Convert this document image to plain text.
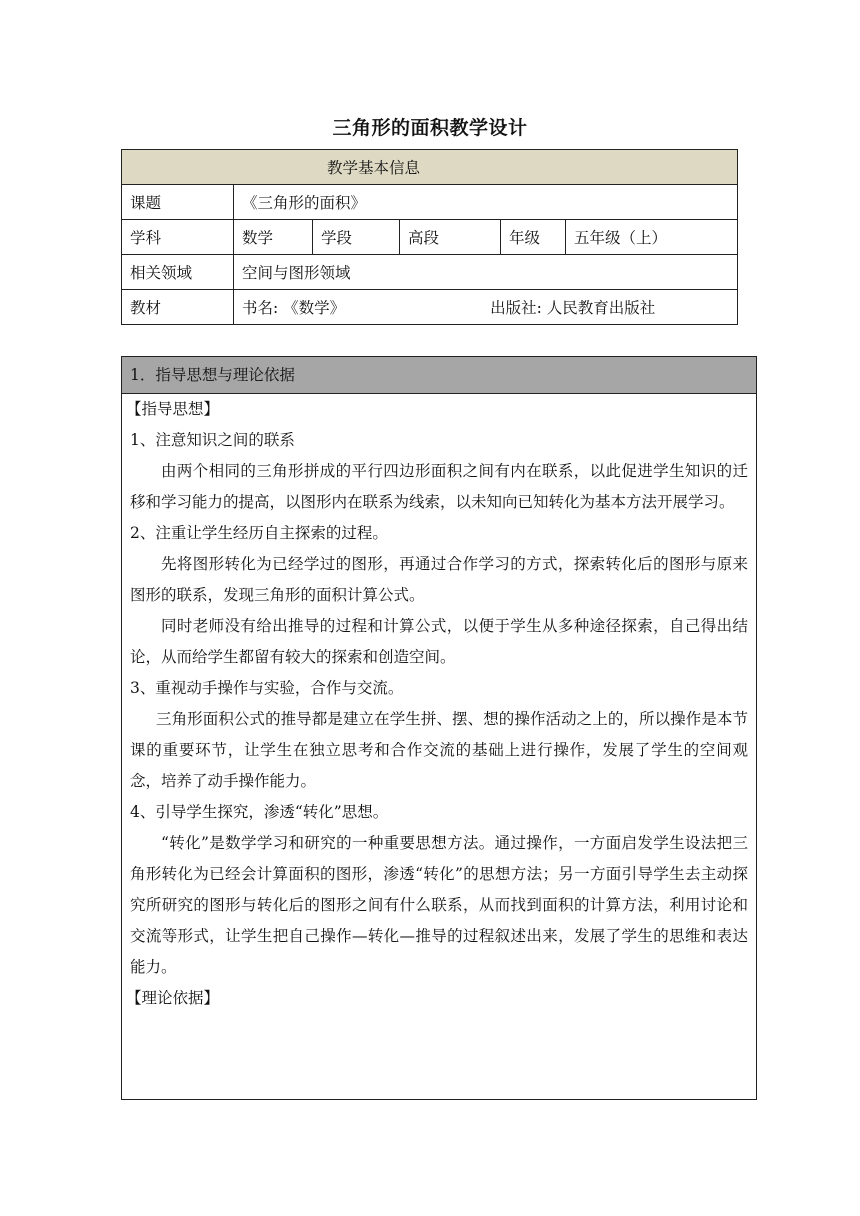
三角形的面积教学设计
教学基本信息					
课题	《三角形的面积》				
学科	数学	学段	高段	年级	五年级（上）
相关领域	空间与图形领域				
教材	书名: 《数学》 出版社: 人民教育出版社				
1．指导思想与理论依据

【指导思想】

1、注意知识之间的联系

由两个相同的三角形拼成的平行四边形面积之间有内在联系，以此促进学生知识的迁移和学习能力的提高，以图形内在联系为线索，以未知向已知转化为基本方法开展学习。

2、注重让学生经历自主探索的过程。

先将图形转化为已经学过的图形，再通过合作学习的方式，探索转化后的图形与原来图形的联系，发现三角形的面积计算公式。

同时老师没有给出推导的过程和计算公式，以便于学生从多种途径探索，自己得出结论，从而给学生都留有较大的探索和创造空间。

3、重视动手操作与实验，合作与交流。

三角形面积公式的推导都是建立在学生拼、摆、想的操作活动之上的，所以操作是本节课的重要环节，让学生在独立思考和合作交流的基础上进行操作，发展了学生的空间观念，培养了动手操作能力。

4、引导学生探究，渗透“转化”思想。

“转化”是数学学习和研究的一种重要思想方法。通过操作，一方面启发学生设法把三角形转化为已经会计算面积的图形，渗透“转化”的思想方法；另一方面引导学生去主动探究所研究的图形与转化后的图形之间有什么联系，从而找到面积的计算方法，利用讨论和交流等形式，让学生把自己操作—转化—推导的过程叙述出来，发展了学生的思维和表达能力。

【理论依据】
